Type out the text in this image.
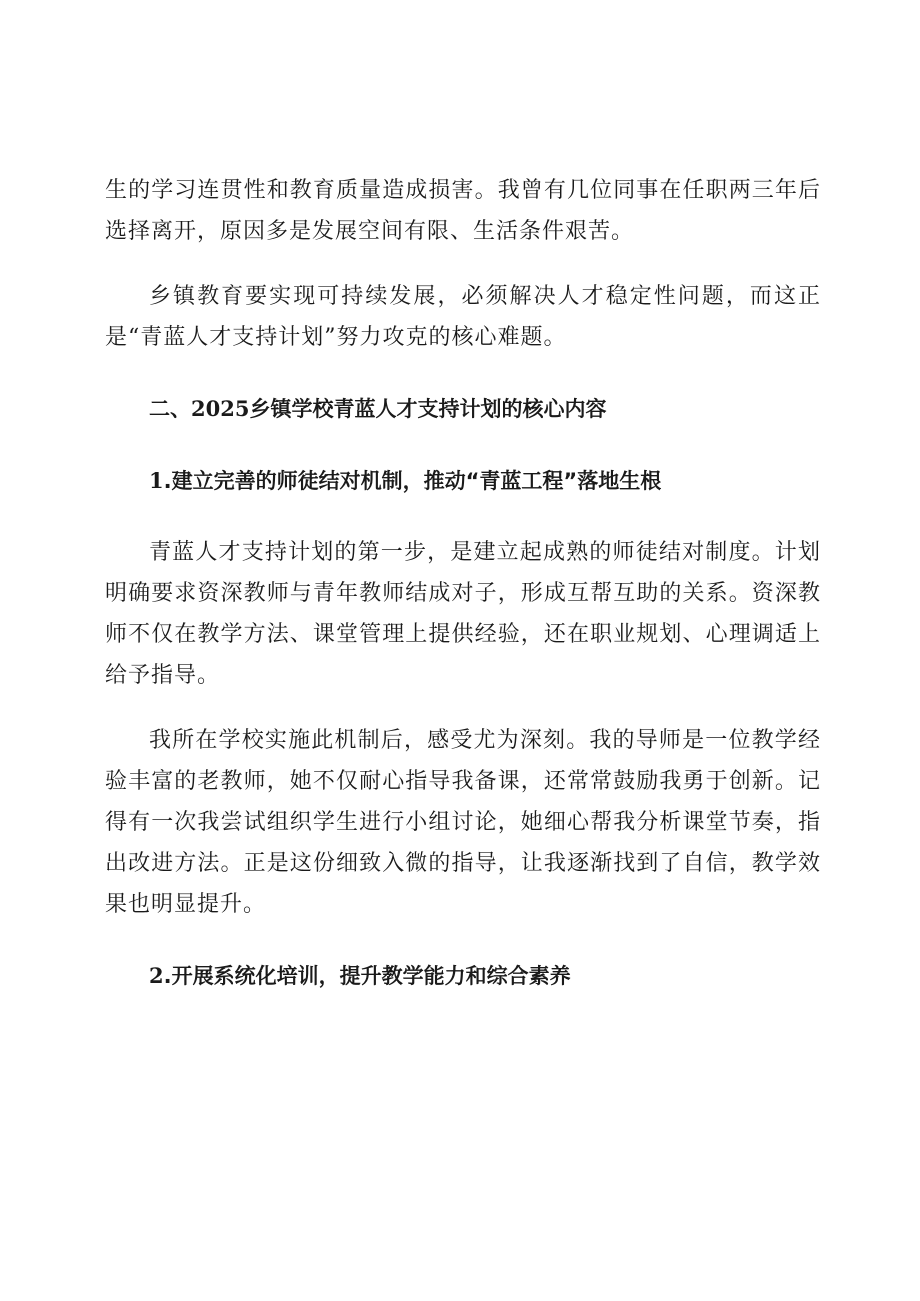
生的学习连贯性和教育质量造成损害。我曾有几位同事在任职两三年后选择离开，原因多是发展空间有限、生活条件艰苦。

乡镇教育要实现可持续发展，必须解决人才稳定性问题，而这正是“青蓝人才支持计划”努力攻克的核心难题。

二、2025乡镇学校青蓝人才支持计划的核心内容
1.建立完善的师徒结对机制，推动“青蓝工程”落地生根

青蓝人才支持计划的第一步，是建立起成熟的师徒结对制度。计划明确要求资深教师与青年教师结成对子，形成互帮互助的关系。资深教师不仅在教学方法、课堂管理上提供经验，还在职业规划、心理调适上给予指导。

我所在学校实施此机制后，感受尤为深刻。我的导师是一位教学经验丰富的老教师，她不仅耐心指导我备课，还常常鼓励我勇于创新。记得有一次我尝试组织学生进行小组讨论，她细心帮我分析课堂节奏，指出改进方法。正是这份细致入微的指导，让我逐渐找到了自信，教学效果也明显提升。

2.开展系统化培训，提升教学能力和综合素养
